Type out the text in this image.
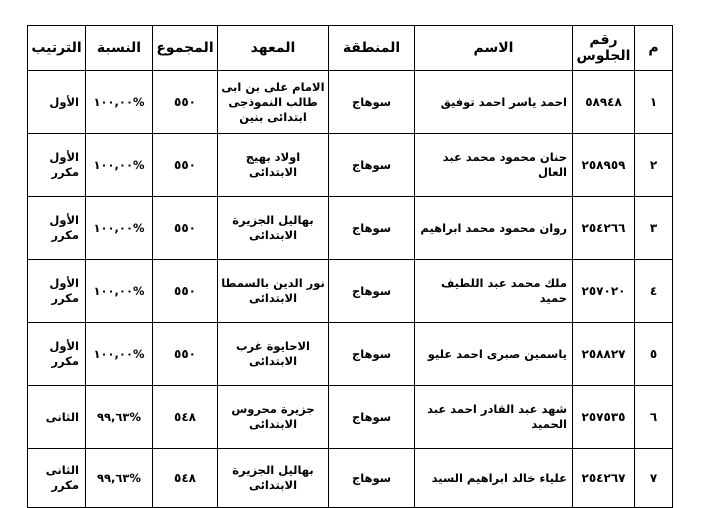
م	رقم الجلوس	الاسم	المنطقة	المعهد	المجموع	النسبة	الترتيب
١	٥٨٩٤٨	احمد ياسر احمد توفيق	سوهاج	الامام على بن ابى طالب النموذجى ابتدائى بنين	٥٥٠	%١٠٠,٠٠	الأول
٢	٢٥٨٩٥٩	حنان محمود محمد عبد العال	سوهاج	اولاد بهيج الابتدائى	٥٥٠	%١٠٠,٠٠	الأول مكرر
٣	٢٥٤٢٦٦	روان محمود محمد ابراهيم	سوهاج	بهاليل الجزيرة الابتدائى	٥٥٠	%١٠٠,٠٠	الأول مكرر
٤	٢٥٧٠٢٠	ملك محمد عبد اللطيف حميد	سوهاج	نور الدين بالسمطا الابتدائى	٥٥٠	%١٠٠,٠٠	الأول مكرر
٥	٢٥٨٨٢٧	ياسمين صبرى احمد عليو	سوهاج	الاحايوة غرب الابتدائى	٥٥٠	%١٠٠,٠٠	الأول مكرر
٦	٢٥٧٥٣٥	شهد عبد القادر احمد عبد الحميد	سوهاج	جزيرة محروس الابتدائى	٥٤٨	%٩٩,٦٣	الثانى
٧	٢٥٤٢٦٧	علياء خالد ابراهيم السيد	سوهاج	بهاليل الجزيرة الابتدائى	٥٤٨	%٩٩,٦٣	الثانى مكرر
